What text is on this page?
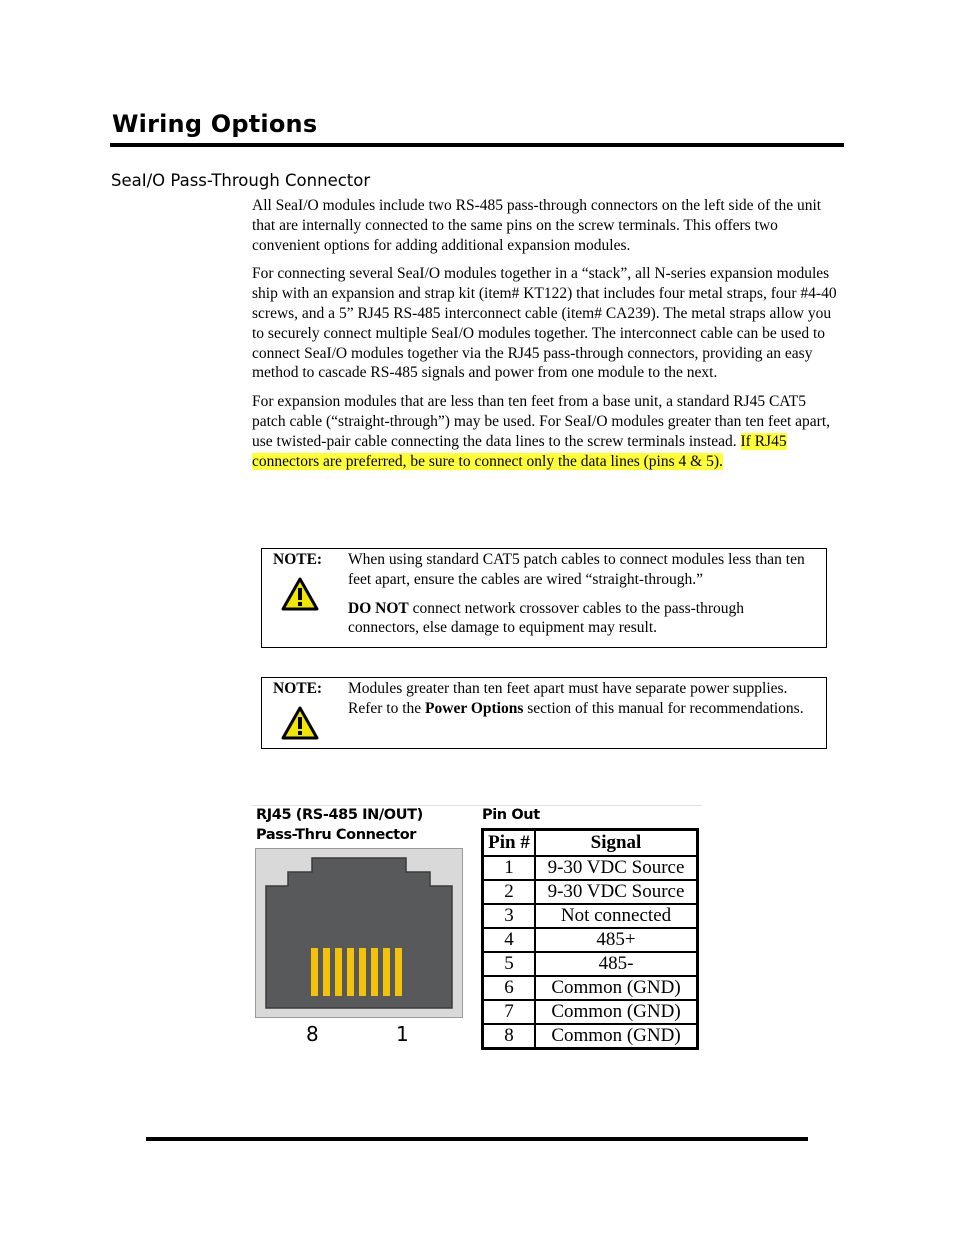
Wiring Options
SeaI/O Pass-Through Connector

All SeaI/O modules include two RS-485 pass-through connectors on the left side of the unit that are internally connected to the same pins on the screw terminals. This offers two convenient options for adding additional expansion modules.

For connecting several SeaI/O modules together in a “stack”, all N-series expansion modules ship with an expansion and strap kit (item# KT122) that includes four metal straps, four #4-40 screws, and a 5” RJ45 RS-485 interconnect cable (item# CA239). The metal straps allow you to securely connect multiple SeaI/O modules together. The interconnect cable can be used to connect SeaI/O modules together via the RJ45 pass-through connectors, providing an easy method to cascade RS-485 signals and power from one module to the next.

For expansion modules that are less than ten feet from a base unit, a standard RJ45 CAT5 patch cable (“straight-through”) may be used. For SeaI/O modules greater than ten feet apart, use twisted-pair cable connecting the data lines to the screw terminals instead. If RJ45 connectors are preferred, be sure to connect only the data lines (pins 4 & 5).

NOTE: When using standard CAT5 patch cables to connect modules less than ten feet apart, ensure the cables are wired “straight-through.”

DO NOT connect network crossover cables to the pass-through connectors, else damage to equipment may result.

NOTE: Modules greater than ten feet apart must have separate power supplies. Refer to the Power Options section of this manual for recommendations.

RJ45 (RS-485 IN/OUT)
Pass-Thru Connector
Pin Out
8	1
Pin #	Signal
1	9-30 VDC Source
2	9-30 VDC Source
3	Not connected
4	485+
5	485-
6	Common (GND)
7	Common (GND)
8	Common (GND)
